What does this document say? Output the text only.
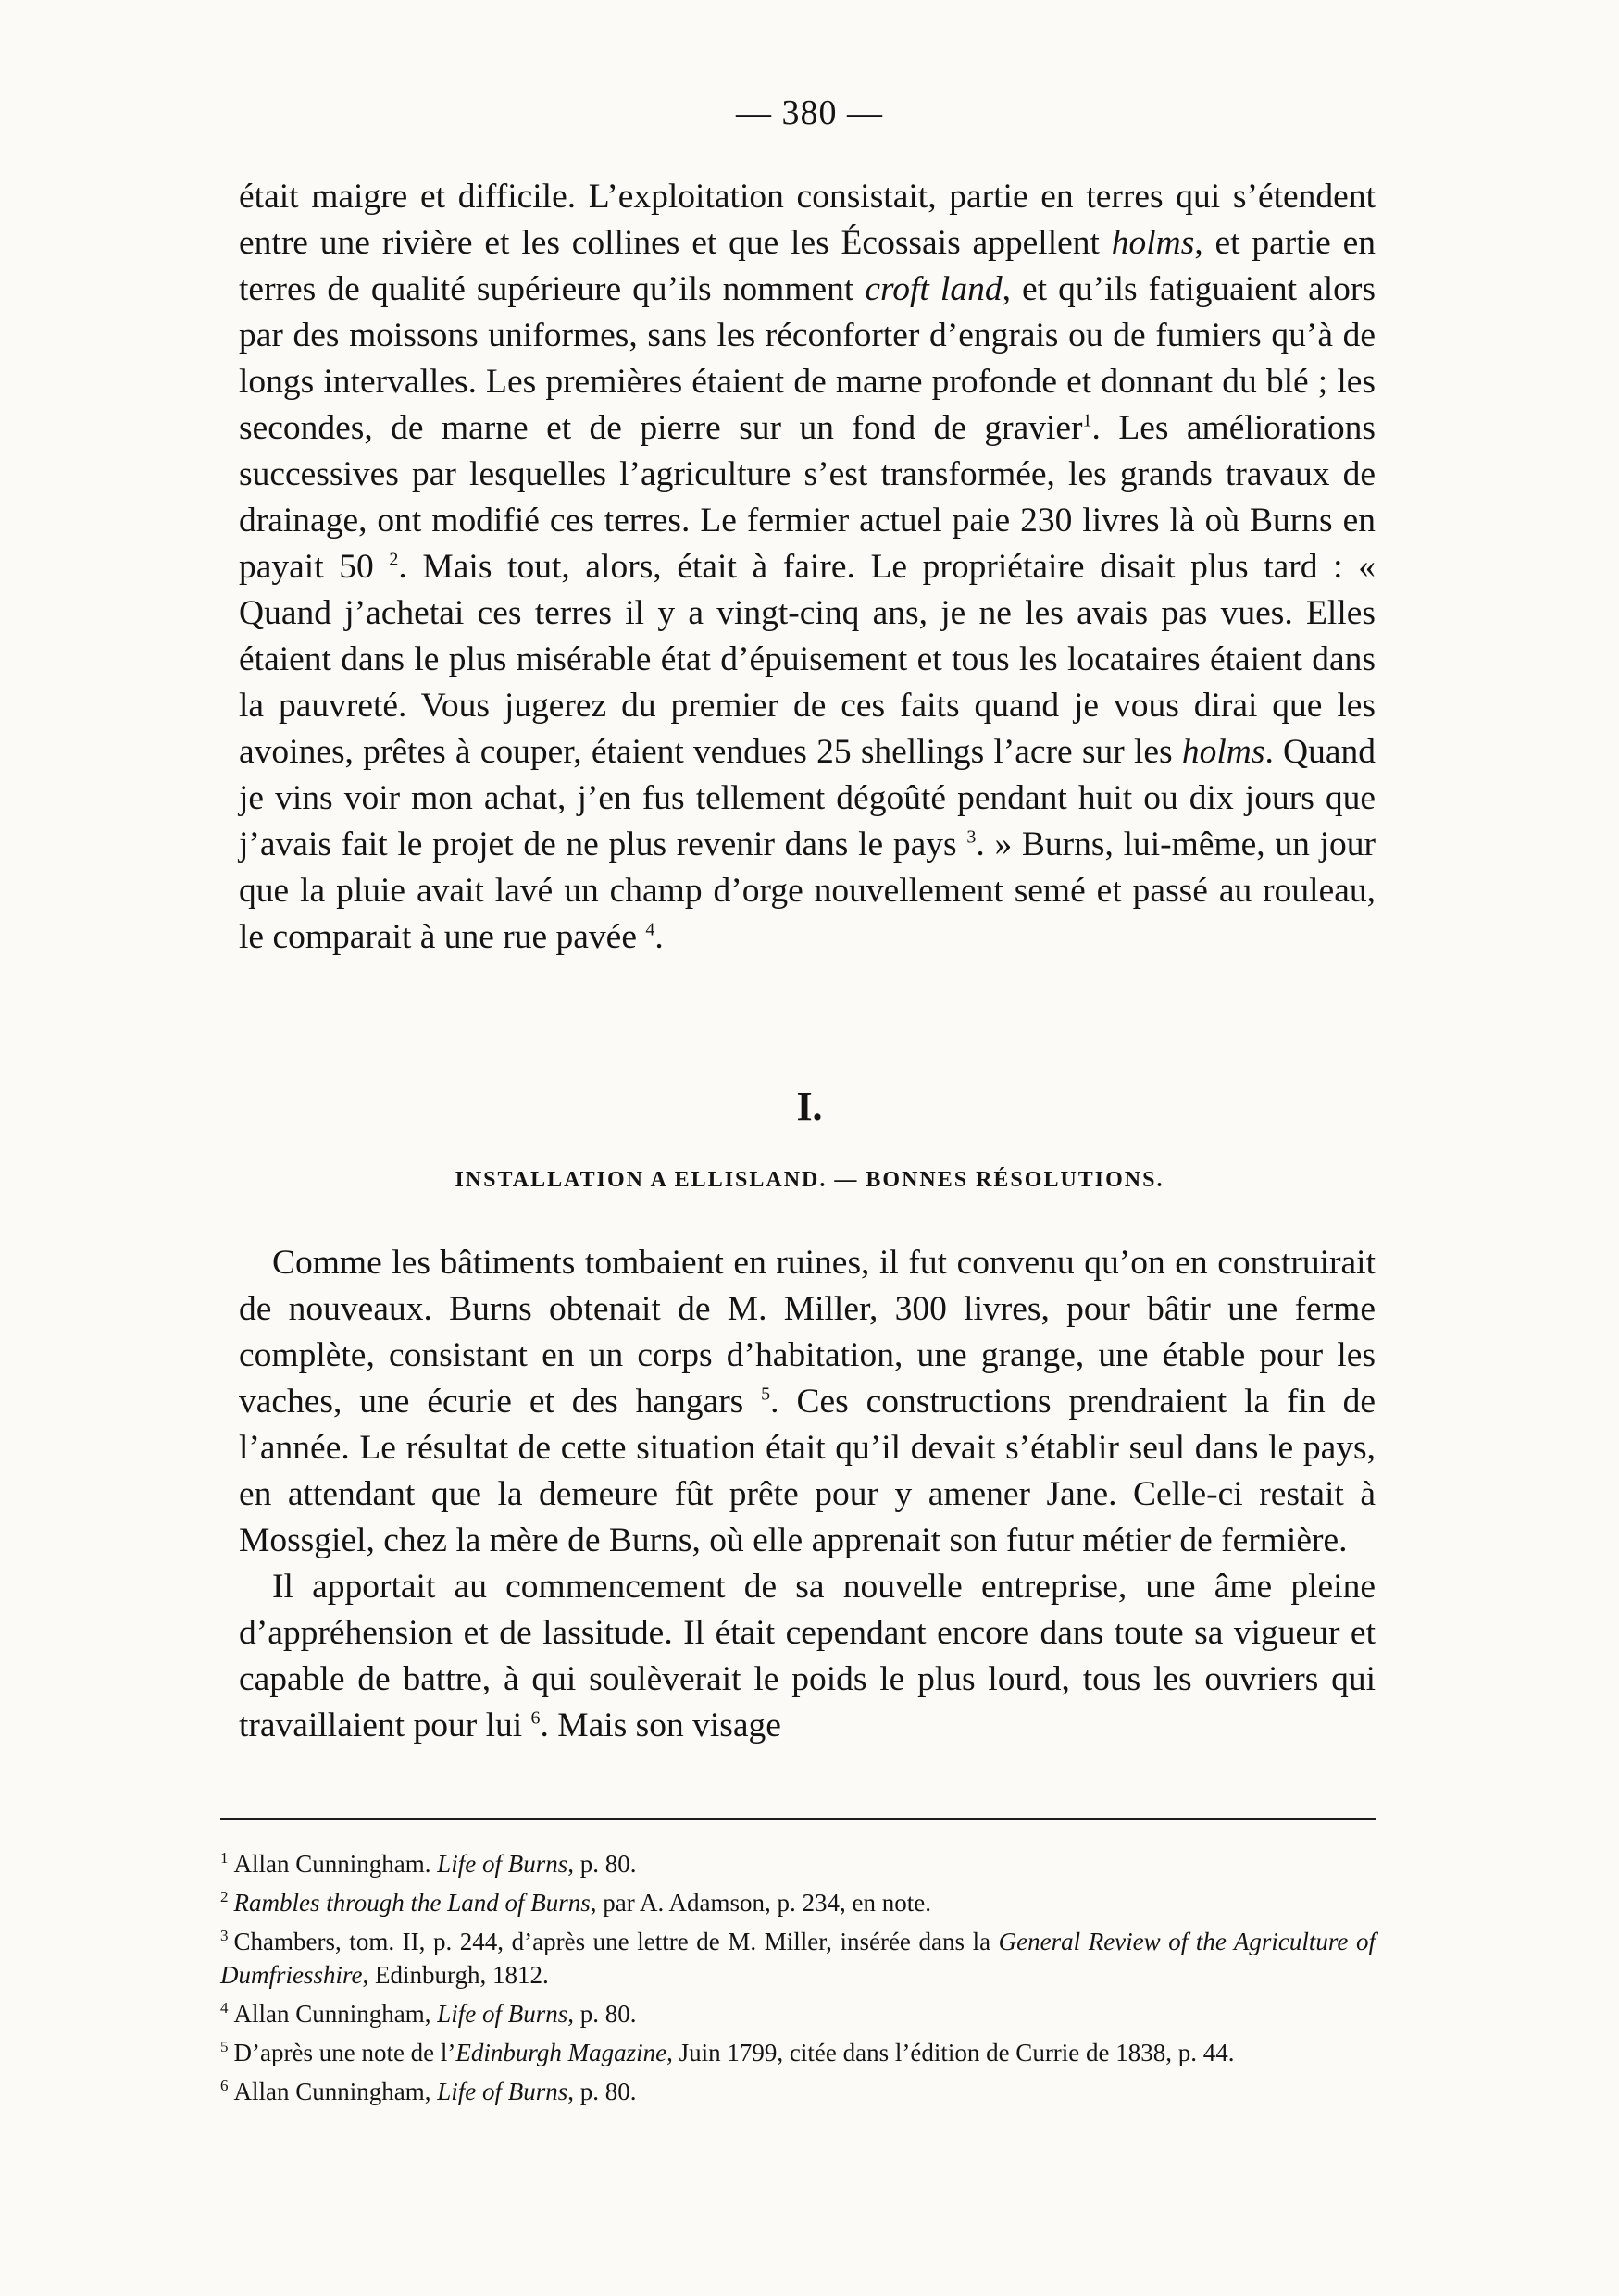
— 380 —

était maigre et difficile. L’exploitation consistait, partie en terres qui s’étendent entre une rivière et les collines et que les Écossais appellent holms, et partie en terres de qualité supérieure qu’ils nomment croft land, et qu’ils fatiguaient alors par des moissons uniformes, sans les réconforter d’engrais ou de fumiers qu’à de longs intervalles. Les premières étaient de marne profonde et donnant du blé ; les secondes, de marne et de pierre sur un fond de gravier$^1$. Les améliorations successives par lesquelles l’agriculture s’est transformée, les grands travaux de drainage, ont modifié ces terres. Le fermier actuel paie 230 livres là où Burns en payait 50 $^2$. Mais tout, alors, était à faire. Le propriétaire disait plus tard : « Quand j’achetai ces terres il y a vingt-cinq ans, je ne les avais pas vues. Elles étaient dans le plus misérable état d’épuisement et tous les locataires étaient dans la pauvreté. Vous jugerez du premier de ces faits quand je vous dirai que les avoines, prêtes à couper, étaient vendues 25 shellings l’acre sur les holms. Quand je vins voir mon achat, j’en fus tellement dégoûté pendant huit ou dix jours que j’avais fait le projet de ne plus revenir dans le pays $^3$. » Burns, lui-même, un jour que la pluie avait lavé un champ d’orge nouvellement semé et passé au rouleau, le comparait à une rue pavée $^4$.

I.
INSTALLATION A ELLISLAND. — BONNES RÉSOLUTIONS.

Comme les bâtiments tombaient en ruines, il fut convenu qu’on en construirait de nouveaux. Burns obtenait de M. Miller, 300 livres, pour bâtir une ferme complète, consistant en un corps d’habitation, une grange, une étable pour les vaches, une écurie et des hangars $^5$. Ces constructions prendraient la fin de l’année. Le résultat de cette situation était qu’il devait s’établir seul dans le pays, en attendant que la demeure fût prête pour y amener Jane. Celle-ci restait à Mossgiel, chez la mère de Burns, où elle apprenait son futur métier de fermière.

Il apportait au commencement de sa nouvelle entreprise, une âme pleine d’appréhension et de lassitude. Il était cependant encore dans toute sa vigueur et capable de battre, à qui soulèverait le poids le plus lourd, tous les ouvriers qui travaillaient pour lui $^6$. Mais son visage

$^1$ Allan Cunningham. Life of Burns, p. 80.

$^2$ Rambles through the Land of Burns, par A. Adamson, p. 234, en note.

$^3$ Chambers, tom. II, p. 244, d’après une lettre de M. Miller, insérée dans la General Review of the Agriculture of Dumfriesshire, Edinburgh, 1812.

$^4$ Allan Cunningham, Life of Burns, p. 80.

$^5$ D’après une note de l’Edinburgh Magazine, Juin 1799, citée dans l’édition de Currie de 1838, p. 44.

$^6$ Allan Cunningham, Life of Burns, p. 80.
